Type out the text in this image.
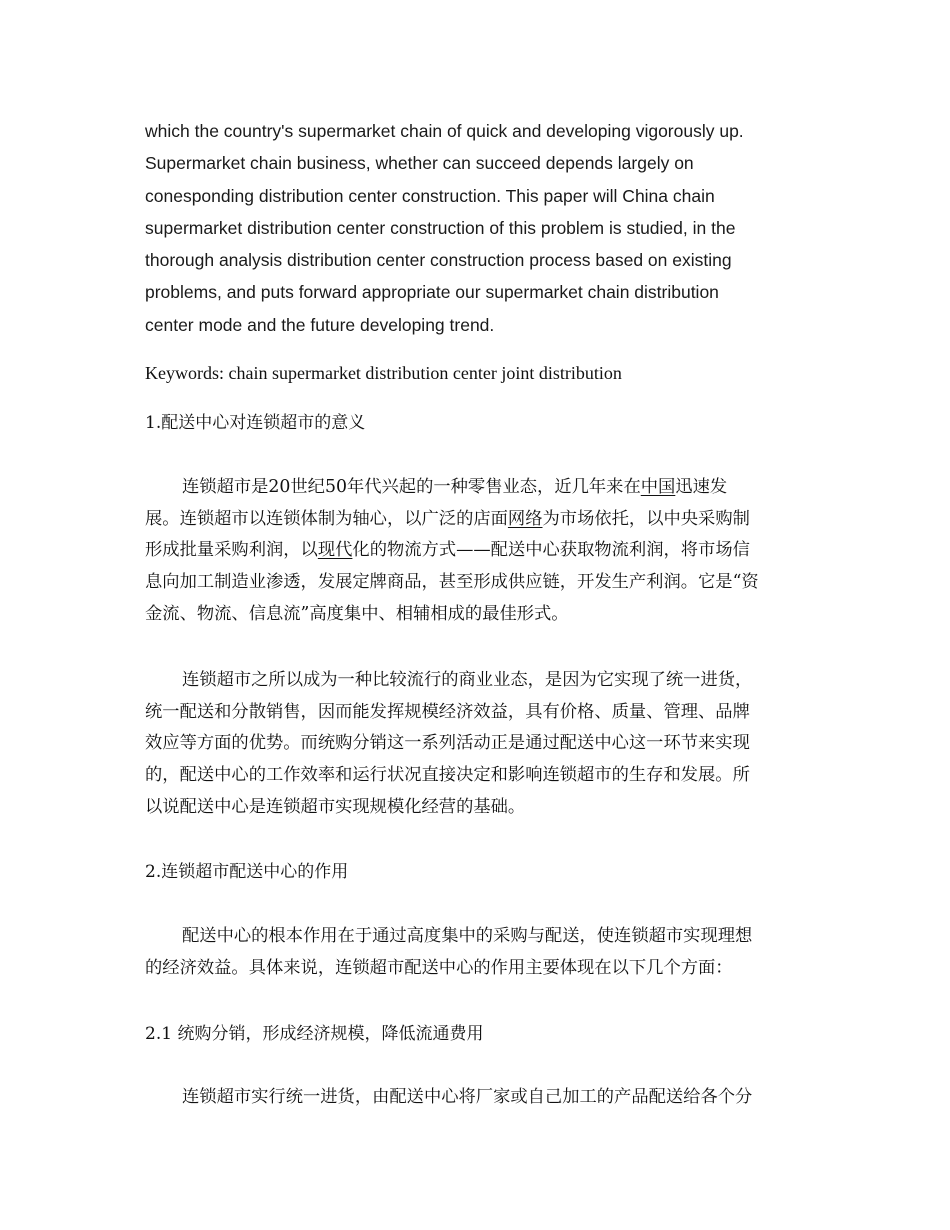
which the country's supermarket chain of quick and developing vigorously up.
Supermarket chain business, whether can succeed depends largely on
conesponding distribution center construction. This paper will China chain
supermarket distribution center construction of this problem is studied, in the
thorough analysis distribution center construction process based on existing
problems, and puts forward appropriate our supermarket chain distribution
center mode and the future developing trend.
Keywords: chain supermarket distribution center joint distribution
1.配送中心对连锁超市的意义
连锁超市是20世纪50年代兴起的一种零售业态，近几年来在中国迅速发
展。连锁超市以连锁体制为轴心，以广泛的店面网络为市场依托，以中央采购制
形成批量采购利润，以现代化的物流方式——配送中心获取物流利润，将市场信
息向加工制造业渗透，发展定牌商品，甚至形成供应链，开发生产利润。它是“资
金流、物流、信息流”高度集中、相辅相成的最佳形式。
连锁超市之所以成为一种比较流行的商业业态，是因为它实现了统一进货，
统一配送和分散销售，因而能发挥规模经济效益，具有价格、质量、管理、品牌
效应等方面的优势。而统购分销这一系列活动正是通过配送中心这一环节来实现
的，配送中心的工作效率和运行状况直接决定和影响连锁超市的生存和发展。所
以说配送中心是连锁超市实现规模化经营的基础。
2.连锁超市配送中心的作用
配送中心的根本作用在于通过高度集中的采购与配送，使连锁超市实现理想
的经济效益。具体来说，连锁超市配送中心的作用主要体现在以下几个方面：
2.1 统购分销，形成经济规模，降低流通费用
连锁超市实行统一进货，由配送中心将厂家或自己加工的产品配送给各个分
